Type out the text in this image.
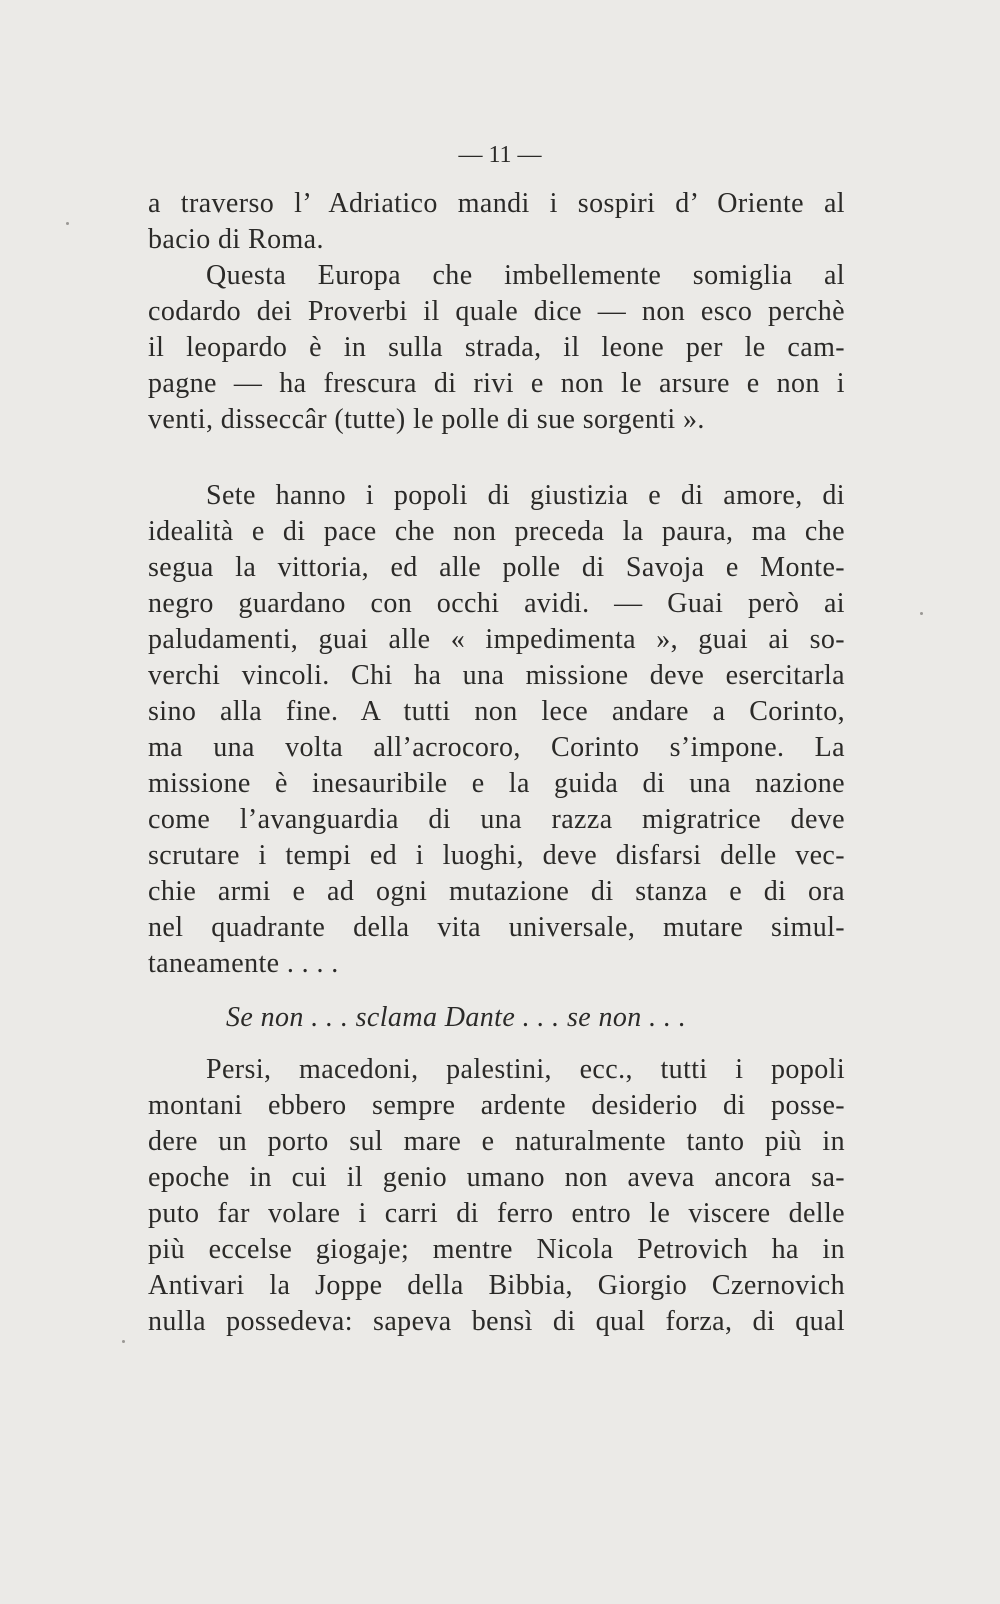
— 11 —
a traverso l’ Adriatico mandi i sospiri d’ Oriente al
bacio di Roma.
Questa Europa che imbellemente somiglia al
codardo dei Proverbi il quale dice — non esco perchè
il leopardo è in sulla strada, il leone per le cam-
pagne — ha frescura di rivi e non le arsure e non i
venti, disseccâr (tutte) le polle di sue sorgenti ».
Sete hanno i popoli di giustizia e di amore, di
idealità e di pace che non preceda la paura, ma che
segua la vittoria, ed alle polle di Savoja e Monte-
negro guardano con occhi avidi. — Guai però ai
paludamenti, guai alle « impedimenta », guai ai so-
verchi vincoli. Chi ha una missione deve esercitarla
sino alla fine. A tutti non lece andare a Corinto,
ma una volta all’acrocoro, Corinto s’impone. La
missione è inesauribile e la guida di una nazione
come l’avanguardia di una razza migratrice deve
scrutare i tempi ed i luoghi, deve disfarsi delle vec-
chie armi e ad ogni mutazione di stanza e di ora
nel quadrante della vita universale, mutare simul-
taneamente . . . .
Se non . . . sclama Dante . . . se non . . .
Persi, macedoni, palestini, ecc., tutti i popoli
montani ebbero sempre ardente desiderio di posse-
dere un porto sul mare e naturalmente tanto più in
epoche in cui il genio umano non aveva ancora sa-
puto far volare i carri di ferro entro le viscere delle
più eccelse giogaje; mentre Nicola Petrovich ha in
Antivari la Joppe della Bibbia, Giorgio Czernovich
nulla possedeva: sapeva bensì di qual forza, di qual
